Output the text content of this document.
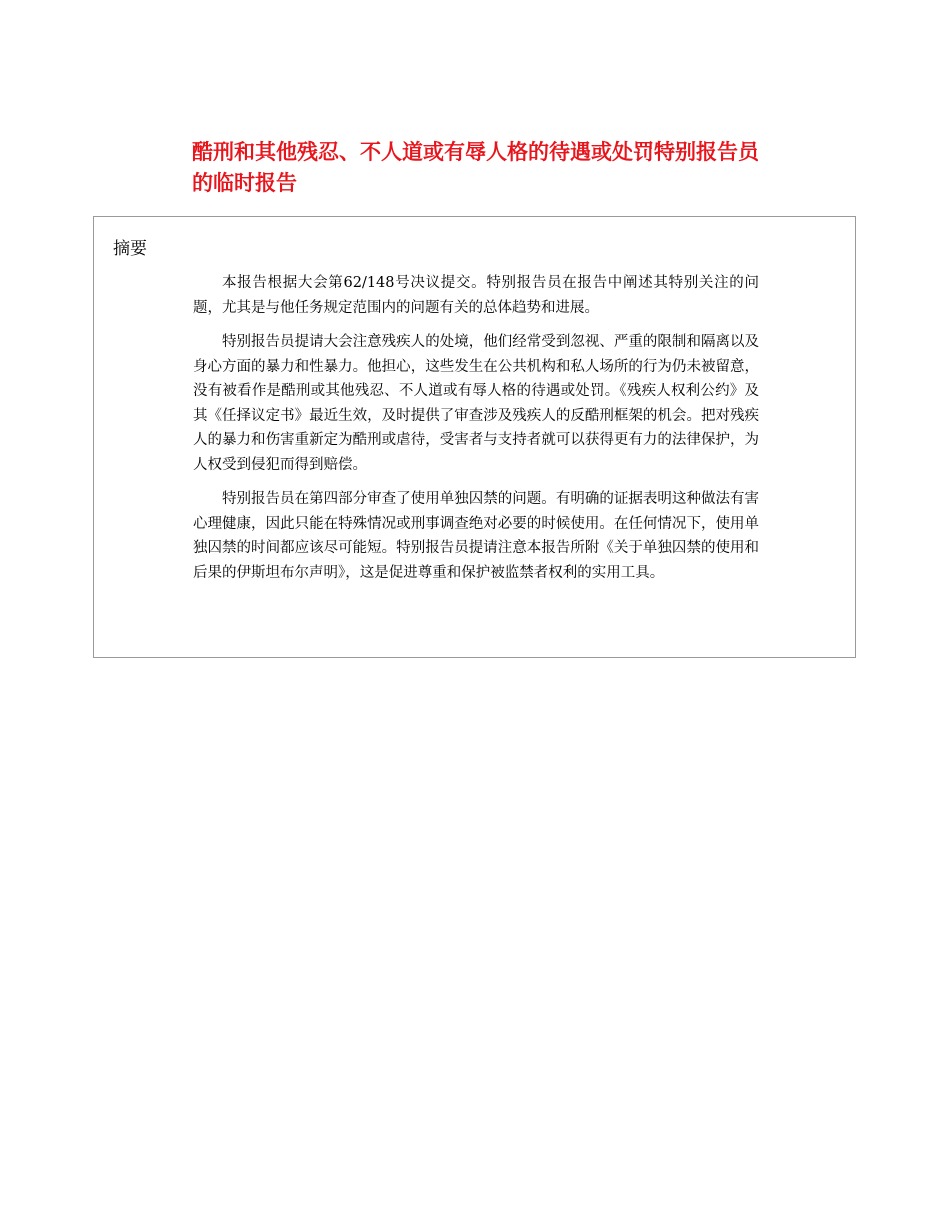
酷刑和其他残忍、不人道或有辱人格的待遇或处罚特别报告员的临时报告
摘要

本报告根据大会第62/148号决议提交。特别报告员在报告中阐述其特别关注的问题，尤其是与他任务规定范围内的问题有关的总体趋势和进展。

特别报告员提请大会注意残疾人的处境，他们经常受到忽视、严重的限制和隔离以及身心方面的暴力和性暴力。他担心，这些发生在公共机构和私人场所的行为仍未被留意，没有被看作是酷刑或其他残忍、不人道或有辱人格的待遇或处罚。《残疾人权利公约》及其《任择议定书》最近生效，及时提供了审查涉及残疾人的反酷刑框架的机会。把对残疾人的暴力和伤害重新定为酷刑或虐待，受害者与支持者就可以获得更有力的法律保护，为人权受到侵犯而得到赔偿。

特别报告员在第四部分审查了使用单独囚禁的问题。有明确的证据表明这种做法有害心理健康，因此只能在特殊情况或刑事调查绝对必要的时候使用。在任何情况下，使用单独囚禁的时间都应该尽可能短。特别报告员提请注意本报告所附《关于单独囚禁的使用和后果的伊斯坦布尔声明》，这是促进尊重和保护被监禁者权利的实用工具。
